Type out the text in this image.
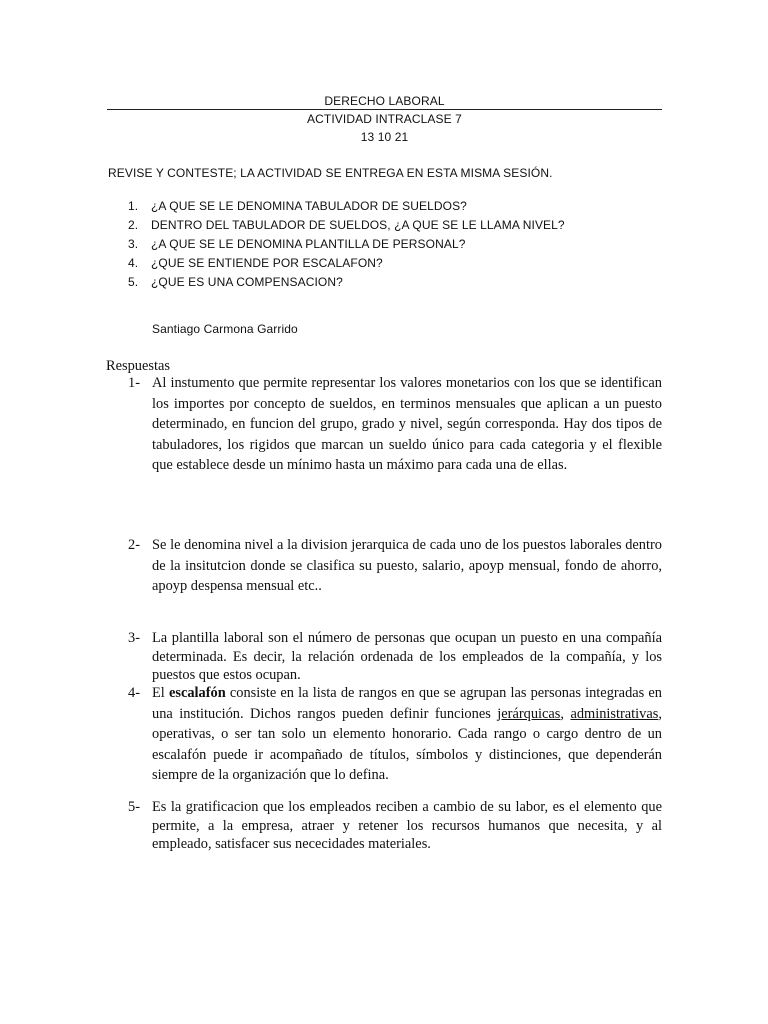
DERECHO LABORAL
ACTIVIDAD INTRACLASE 7
13 10 21
REVISE Y CONTESTE; LA ACTIVIDAD SE ENTREGA EN ESTA MISMA SESIÓN.
1.	¿A QUE SE LE DENOMINA TABULADOR DE SUELDOS?
2.	DENTRO DEL TABULADOR DE SUELDOS, ¿A QUE SE LE LLAMA NIVEL?
3.	¿A QUE SE LE DENOMINA PLANTILLA DE PERSONAL?
4.	¿QUE SE ENTIENDE POR ESCALAFON?
5.	¿QUE ES UNA COMPENSACION?
Santiago Carmona Garrido
Respuestas
1- Al instumento que permite representar los valores monetarios con los que se identifican los importes por concepto de sueldos, en terminos mensuales que aplican a un puesto determinado, en funcion del grupo, grado y nivel, según corresponda. Hay dos tipos de tabuladores, los rigidos que marcan un sueldo único para cada categoria y el flexible que establece desde un mínimo hasta un máximo para cada una de ellas.
2- Se le denomina nivel a la division jerarquica de cada uno de los puestos laborales dentro de la insitutcion donde se clasifica su puesto, salario, apoyp mensual, fondo de ahorro, apoyp despensa mensual etc..
3- La plantilla laboral son el número de personas que ocupan un puesto en una compañía determinada. Es decir, la relación ordenada de los empleados de la compañía, y los puestos que estos ocupan.
4- El escalafón consiste en la lista de rangos en que se agrupan las personas integradas en una institución. Dichos rangos pueden definir funciones jerárquicas, administrativas, operativas, o ser tan solo un elemento honorario. Cada rango o cargo dentro de un escalafón puede ir acompañado de títulos, símbolos y distinciones, que dependerán siempre de la organización que lo defina.
5- Es la gratificacion que los empleados reciben a cambio de su labor, es el elemento que permite, a la empresa, atraer y retener los recursos humanos que necesita, y al empleado, satisfacer sus nececidades materiales.
